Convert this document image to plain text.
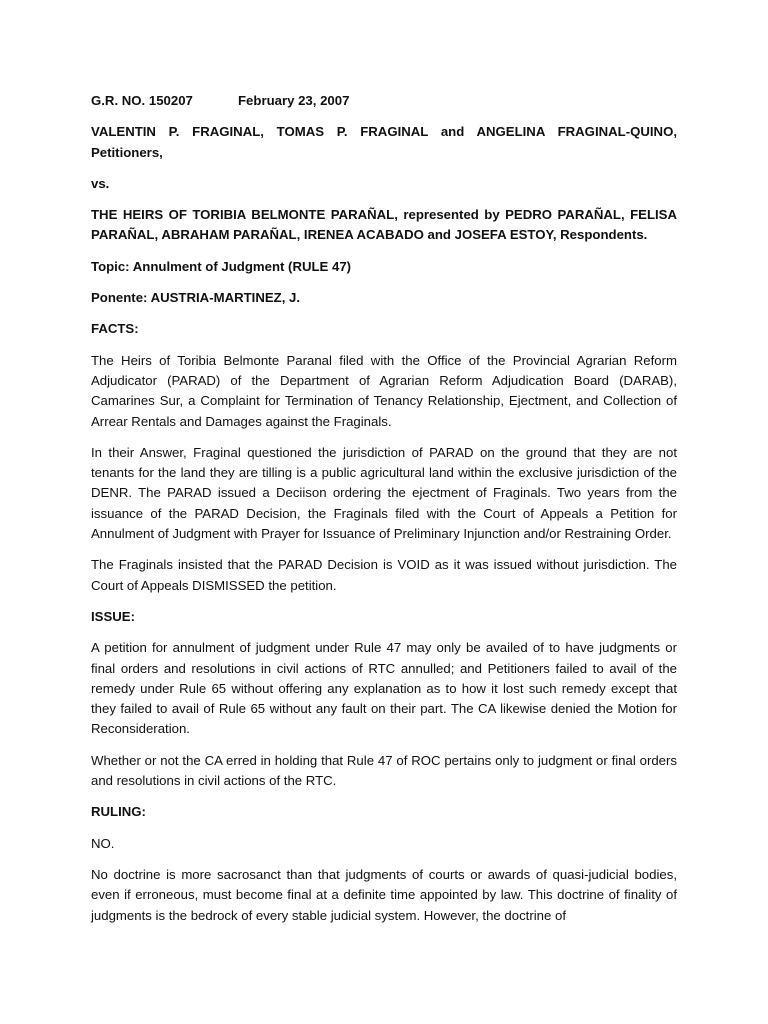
G.R. NO. 150207	February 23, 2007

VALENTIN P. FRAGINAL, TOMAS P. FRAGINAL and ANGELINA FRAGINAL-QUINO, Petitioners,

vs.

THE HEIRS OF TORIBIA BELMONTE PARAÑAL, represented by PEDRO PARAÑAL, FELISA PARAÑAL, ABRAHAM PARAÑAL, IRENEA ACABADO and JOSEFA ESTOY, Respondents.

Topic: Annulment of Judgment (RULE 47)

Ponente: AUSTRIA-MARTINEZ, J.

FACTS:

The Heirs of Toribia Belmonte Paranal filed with the Office of the Provincial Agrarian Reform Adjudicator (PARAD) of the Department of Agrarian Reform Adjudication Board (DARAB), Camarines Sur, a Complaint for Termination of Tenancy Relationship, Ejectment, and Collection of Arrear Rentals and Damages against the Fraginals.

In their Answer, Fraginal questioned the jurisdiction of PARAD on the ground that they are not tenants for the land they are tilling is a public agricultural land within the exclusive jurisdiction of the DENR. The PARAD issued a Deciison ordering the ejectment of Fraginals. Two years from the issuance of the PARAD Decision, the Fraginals filed with the Court of Appeals a Petition for Annulment of Judgment with Prayer for Issuance of Preliminary Injunction and/or Restraining Order.

The Fraginals insisted that the PARAD Decision is VOID as it was issued without jurisdiction. The Court of Appeals DISMISSED the petition.

ISSUE:

A petition for annulment of judgment under Rule 47 may only be availed of to have judgments or final orders and resolutions in civil actions of RTC annulled; and Petitioners failed to avail of the remedy under Rule 65 without offering any explanation as to how it lost such remedy except that they failed to avail of Rule 65 without any fault on their part. The CA likewise denied the Motion for Reconsideration.

Whether or not the CA erred in holding that Rule 47 of ROC pertains only to judgment or final orders and resolutions in civil actions of the RTC.

RULING:

NO.

No doctrine is more sacrosanct than that judgments of courts or awards of quasi-judicial bodies, even if erroneous, must become final at a definite time appointed by law. This doctrine of finality of judgments is the bedrock of every stable judicial system. However, the doctrine of
